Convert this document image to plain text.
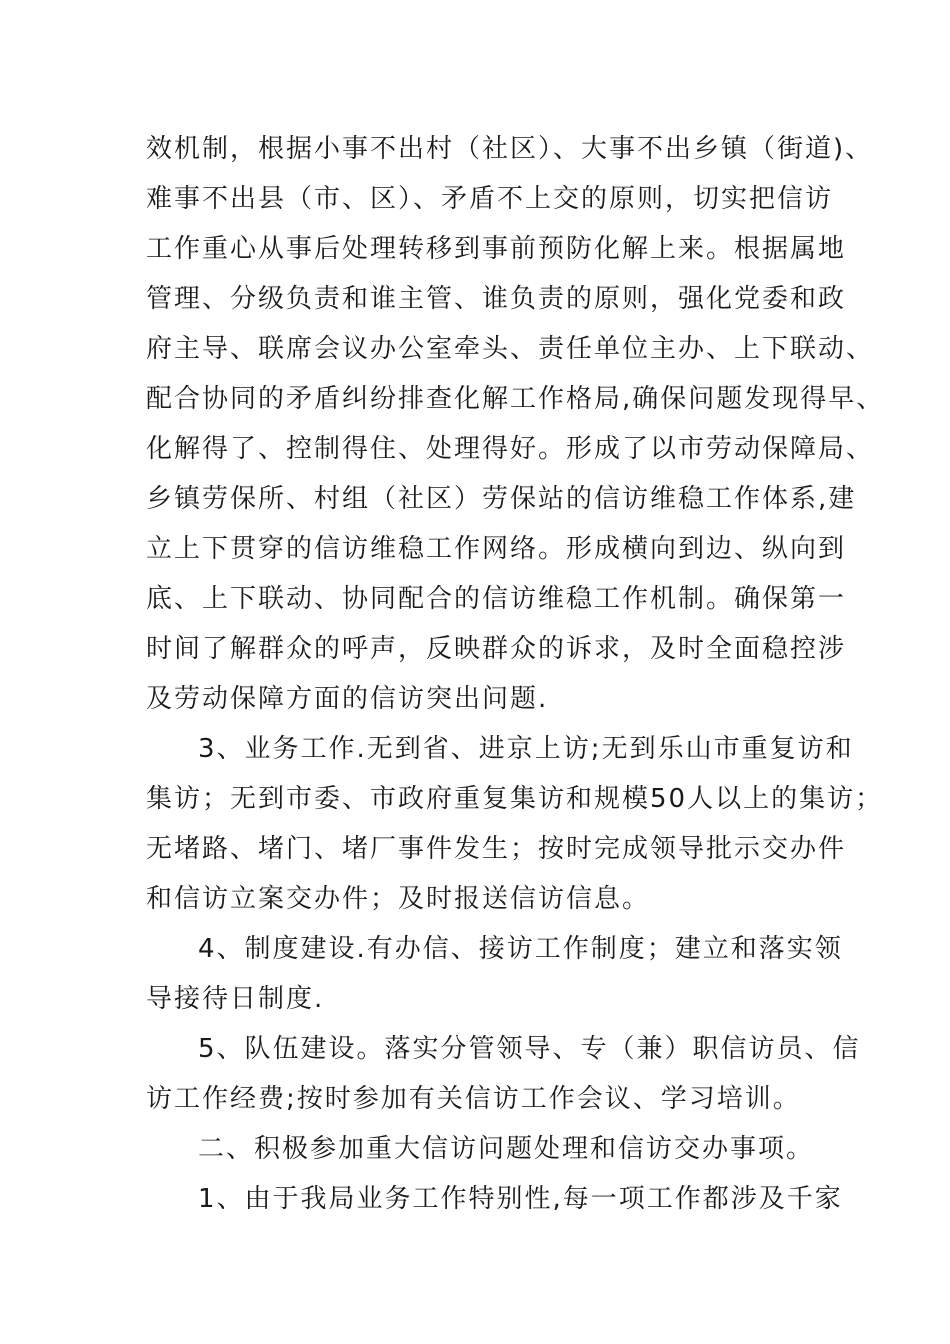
效机制，根据小事不出村（社区）、大事不出乡镇（街道)、
难事不出县（市、区）、矛盾不上交的原则，切实把信访
工作重心从事后处理转移到事前预防化解上来。根据属地
管理、分级负责和谁主管、谁负责的原则，强化党委和政
府主导、联席会议办公室牵头、责任单位主办、上下联动、
配合协同的矛盾纠纷排查化解工作格局,确保问题发现得早、
化解得了、控制得住、处理得好。形成了以市劳动保障局、
乡镇劳保所、村组（社区）劳保站的信访维稳工作体系,建
立上下贯穿的信访维稳工作网络。形成横向到边、纵向到
底、上下联动、协同配合的信访维稳工作机制。确保第一
时间了解群众的呼声，反映群众的诉求，及时全面稳控涉
及劳动保障方面的信访突出问题.
3、业务工作.无到省、进京上访;无到乐山市重复访和
集访；无到市委、市政府重复集访和规模50人以上的集访；
无堵路、堵门、堵厂事件发生；按时完成领导批示交办件
和信访立案交办件；及时报送信访信息。
4、制度建设.有办信、接访工作制度；建立和落实领
导接待日制度.
5、队伍建设。落实分管领导、专（兼）职信访员、信
访工作经费;按时参加有关信访工作会议、学习培训。
二、积极参加重大信访问题处理和信访交办事项。
1、由于我局业务工作特别性,每一项工作都涉及千家
